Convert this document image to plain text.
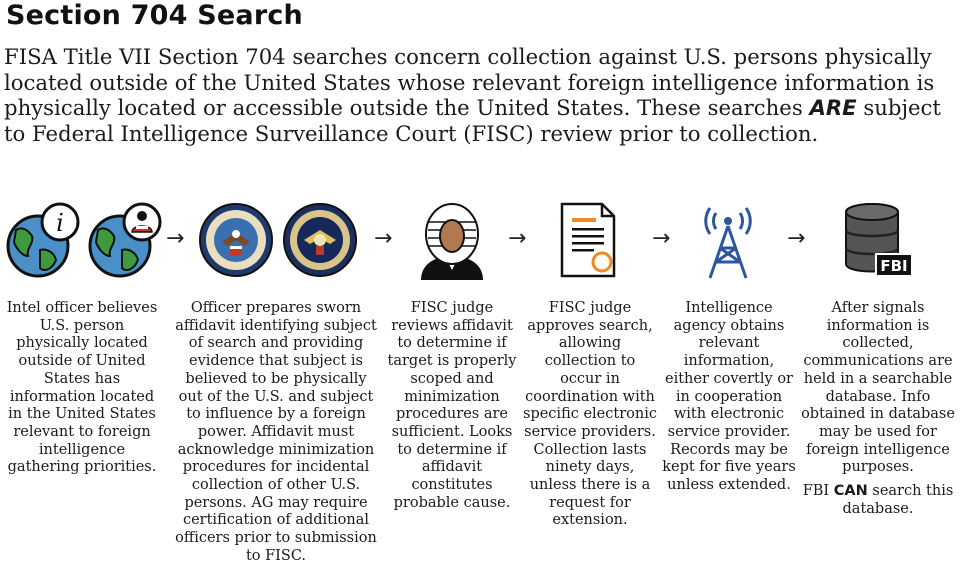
Section 704 Search
FISA Title VII Section 704 searches concern collection against U.S. persons physically located outside of the United States whose relevant foreign intelligence information is physically located or accessible outside the United States. These searches ARE subject to Federal Intelligence Surveillance Court (FISC) review prior to collection.
i
→	→	→	→	→
FBI

Intel officer believes U.S. person physically located outside of United States has information located in the United States relevant to foreign intelligence gathering priorities.

Officer prepares sworn affidavit identifying subject of search and providing evidence that subject is believed to be physically out of the U.S. and subject to influence by a foreign power. Affidavit must acknowledge minimization procedures for incidental collection of other U.S. persons. AG may require certification of additional officers prior to submission to FISC.

FISC judge reviews affidavit to determine if target is properly scoped and minimization procedures are sufficient. Looks to determine if affidavit constitutes probable cause.

FISC judge approves search, allowing collection to occur in coordination with specific electronic service providers. Collection lasts ninety days, unless there is a request for extension.

Intelligence agency obtains relevant information, either covertly or in cooperation with electronic service provider. Records may be kept for five years unless extended.

After signals information is collected, communications are held in a searchable database. Info obtained in database may be used for foreign intelligence purposes.

FBI CAN search this database.
